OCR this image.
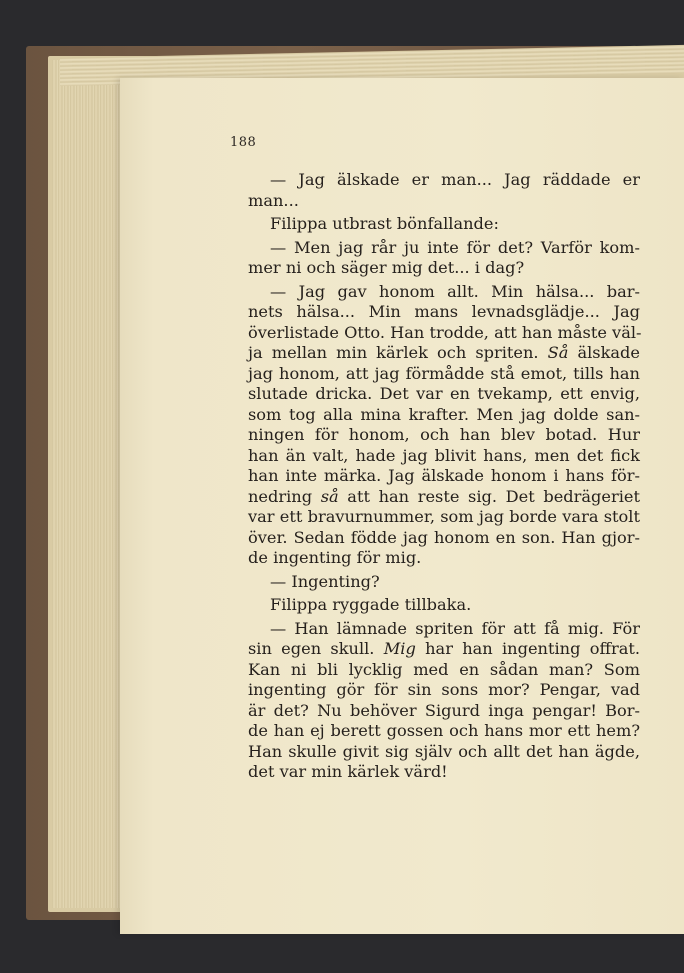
188
— Jag älskade er man... Jag räddade er
man...
Filippa utbrast bönfallande:
— Men jag rår ju inte för det? Varför kom-
mer ni och säger mig det... i dag?
— Jag gav honom allt. Min hälsa... bar-
nets hälsa... Min mans levnadsglädje... Jag
överlistade Otto. Han trodde, att han måste väl-
ja mellan min kärlek och spriten. Så älskade
jag honom, att jag förmådde stå emot, tills han
slutade dricka. Det var en tvekamp, ett envig,
som tog alla mina krafter. Men jag dolde san-
ningen för honom, och han blev botad. Hur
han än valt, hade jag blivit hans, men det fick
han inte märka. Jag älskade honom i hans för-
nedring så att han reste sig. Det bedrägeriet
var ett bravurnummer, som jag borde vara stolt
över. Sedan födde jag honom en son. Han gjor-
de ingenting för mig.
— Ingenting?
Filippa ryggade tillbaka.
— Han lämnade spriten för att få mig. För
sin egen skull. Mig har han ingenting offrat.
Kan ni bli lycklig med en sådan man? Som
ingenting gör för sin sons mor? Pengar, vad
är det? Nu behöver Sigurd inga pengar! Bor-
de han ej berett gossen och hans mor ett hem?
Han skulle givit sig själv och allt det han ägde,
det var min kärlek värd!
